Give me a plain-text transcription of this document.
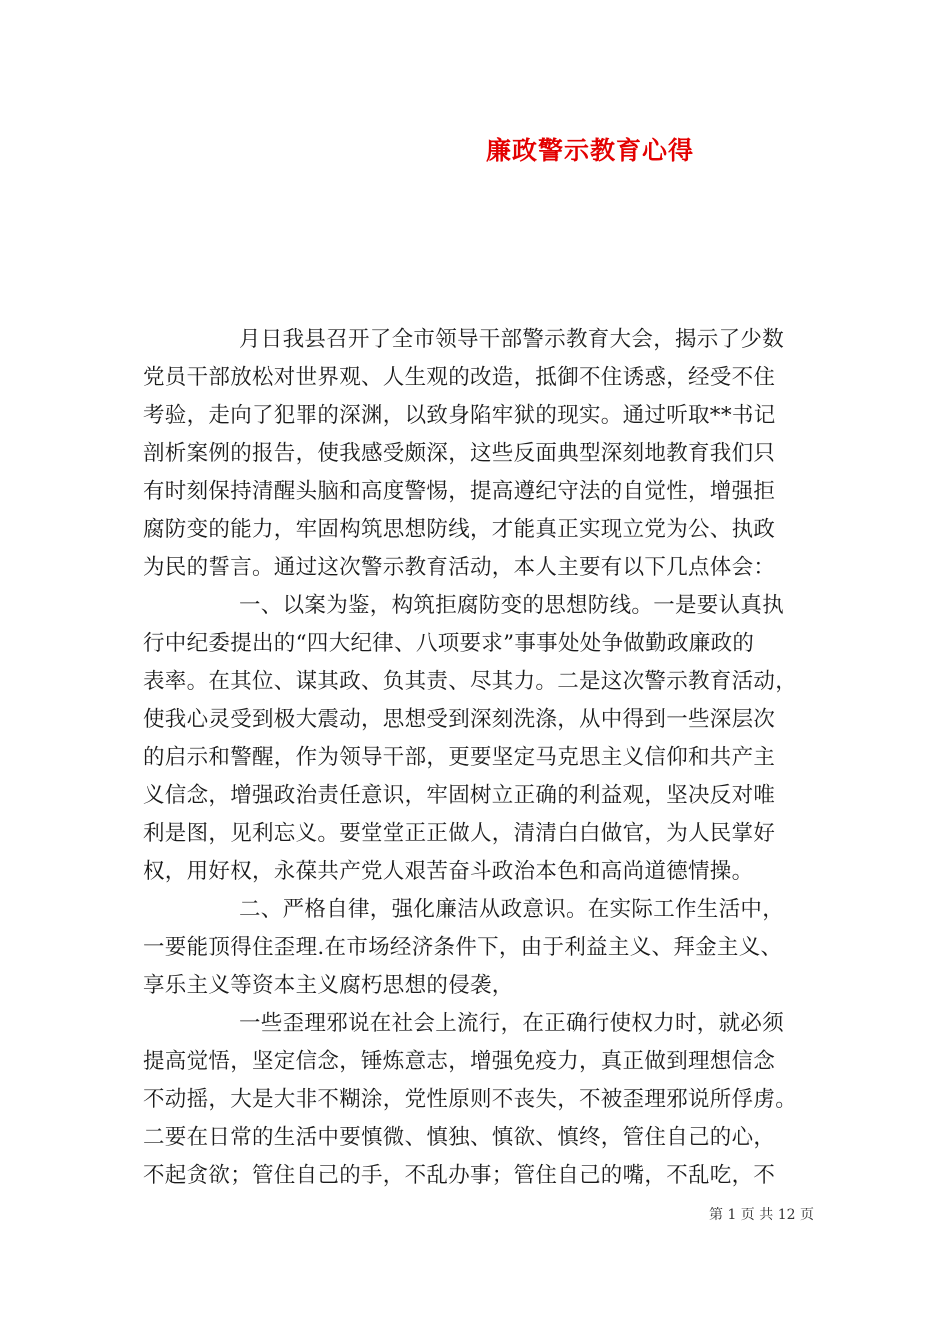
廉政警示教育心得
月日我县召开了全市领导干部警示教育大会，揭示了少数
党员干部放松对世界观、人生观的改造，抵御不住诱惑，经受不住
考验，走向了犯罪的深渊，以致身陷牢狱的现实。通过听取**书记
剖析案例的报告，使我感受颇深，这些反面典型深刻地教育我们只
有时刻保持清醒头脑和高度警惕，提高遵纪守法的自觉性，增强拒
腐防变的能力，牢固构筑思想防线，才能真正实现立党为公、执政
为民的誓言。通过这次警示教育活动，本人主要有以下几点体会：
一、以案为鉴，构筑拒腐防变的思想防线。一是要认真执
行中纪委提出的“四大纪律、八项要求”事事处处争做勤政廉政的
表率。在其位、谋其政、负其责、尽其力。二是这次警示教育活动，
使我心灵受到极大震动，思想受到深刻洗涤，从中得到一些深层次
的启示和警醒，作为领导干部，更要坚定马克思主义信仰和共产主
义信念，增强政治责任意识，牢固树立正确的利益观，坚决反对唯
利是图，见利忘义。要堂堂正正做人，清清白白做官，为人民掌好
权，用好权，永葆共产党人艰苦奋斗政治本色和高尚道德情操。
二、严格自律，强化廉洁从政意识。在实际工作生活中，
一要能顶得住歪理.在市场经济条件下，由于利益主义、拜金主义、
享乐主义等资本主义腐朽思想的侵袭，
一些歪理邪说在社会上流行，在正确行使权力时，就必须
提高觉悟，坚定信念，锤炼意志，增强免疫力，真正做到理想信念
不动摇，大是大非不糊涂，党性原则不丧失，不被歪理邪说所俘虏。
二要在日常的生活中要慎微、慎独、慎欲、慎终，管住自己的心，
不起贪欲；管住自己的手，不乱办事；管住自己的嘴，不乱吃，不
第 1 页 共 12 页
